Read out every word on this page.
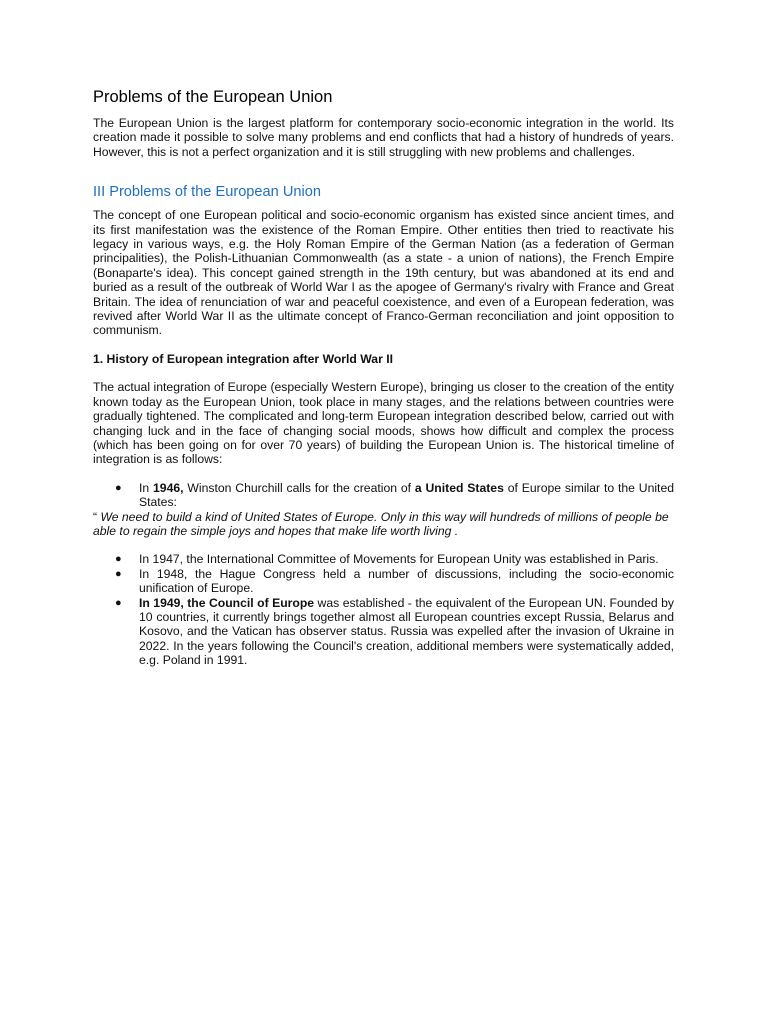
Problems of the European Union

The European Union is the largest platform for contemporary socio-economic integration in the world. Its creation made it possible to solve many problems and end conflicts that had a history of hundreds of years. However, this is not a perfect organization and it is still struggling with new problems and challenges.

III Problems of the European Union

The concept of one European political and socio-economic organism has existed since ancient times, and its first manifestation was the existence of the Roman Empire. Other entities then tried to reactivate his legacy in various ways, e.g. the Holy Roman Empire of the German Nation (as a federation of German principalities), the Polish-Lithuanian Commonwealth (as a state - a union of nations), the French Empire (Bonaparte's idea). This concept gained strength in the 19th century, but was abandoned at its end and buried as a result of the outbreak of World War I as the apogee of Germany's rivalry with France and Great Britain. The idea of renunciation of war and peaceful coexistence, and even of a European federation, was revived after World War II as the ultimate concept of Franco-German reconciliation and joint opposition to communism.

1. History of European integration after World War II

The actual integration of Europe (especially Western Europe), bringing us closer to the creation of the entity known today as the European Union, took place in many stages, and the relations between countries were gradually tightened. The complicated and long-term European integration described below, carried out with changing luck and in the face of changing social moods, shows how difficult and complex the process (which has been going on for over 70 years) of building the European Union is. The historical timeline of integration is as follows:

● In 1946, Winston Churchill calls for the creation of a United States of Europe similar to the United States:

“ We need to build a kind of United States of Europe. Only in this way will hundreds of millions of people be able to regain the simple joys and hopes that make life worth living .

● In 1947, the International Committee of Movements for European Unity was established in Paris.
● In 1948, the Hague Congress held a number of discussions, including the socio-economic unification of Europe.
● In 1949, the Council of Europe was established - the equivalent of the European UN. Founded by 10 countries, it currently brings together almost all European countries except Russia, Belarus and Kosovo, and the Vatican has observer status. Russia was expelled after the invasion of Ukraine in 2022. In the years following the Council's creation, additional members were systematically added, e.g. Poland in 1991.
